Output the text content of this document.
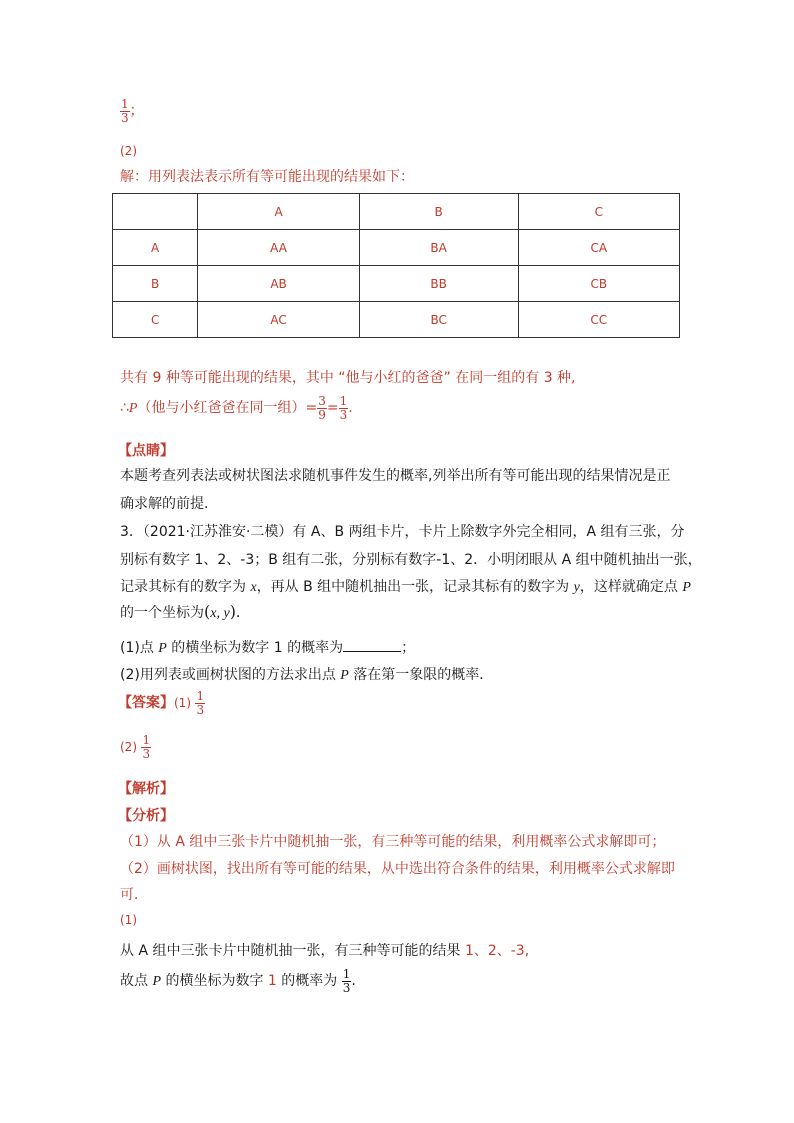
$\frac{1}{3}$ ；
(2)
解：用列表法表示所有等可能出现的结果如下：
	A	B	C
A	AA	BA	CA
B	AB	BB	CB
C	AC	BC	CC
共有 9 种等可能出现的结果，其中 “他与小红的爸爸” 在同一组的有 3 种,
∴P（他与小红爸爸在同一组）= $\frac{3}{9} = \frac{1}{3}$ .
【点睛】
本题考查列表法或树状图法求随机事件发生的概率,列举出所有等可能出现的结果情况是正
确求解的前提.
3．（2021·江苏淮安·二模）有 A、B 两组卡片，卡片上除数字外完全相同，A 组有三张，分
别标有数字 1、2、-3；B 组有二张，分别标有数字-1、2．小明闭眼从 A 组中随机抽出一张，
记录其标有的数字为 x，再从 B 组中随机抽出一张，记录其标有的数字为 y，这样就确定点 P
的一个坐标为(x, y)．
(1)点 P 的横坐标为数字 1 的概率为	；
(2)用列表或画树状图的方法求出点 P 落在第一象限的概率．
【答案】$(1) \frac{1}{3}$
$(2) \frac{1}{3}$
【解析】
【分析】
（1）从 A 组中三张卡片中随机抽一张，有三种等可能的结果，利用概率公式求解即可；
（2）画树状图，找出所有等可能的结果，从中选出符合条件的结果，利用概率公式求解即
可．
(1)
从 A 组中三张卡片中随机抽一张，有三种等可能的结果 1、2、-3,
故点 P 的横坐标为数字 1 的概率为 $\frac{1}{3}$ .
